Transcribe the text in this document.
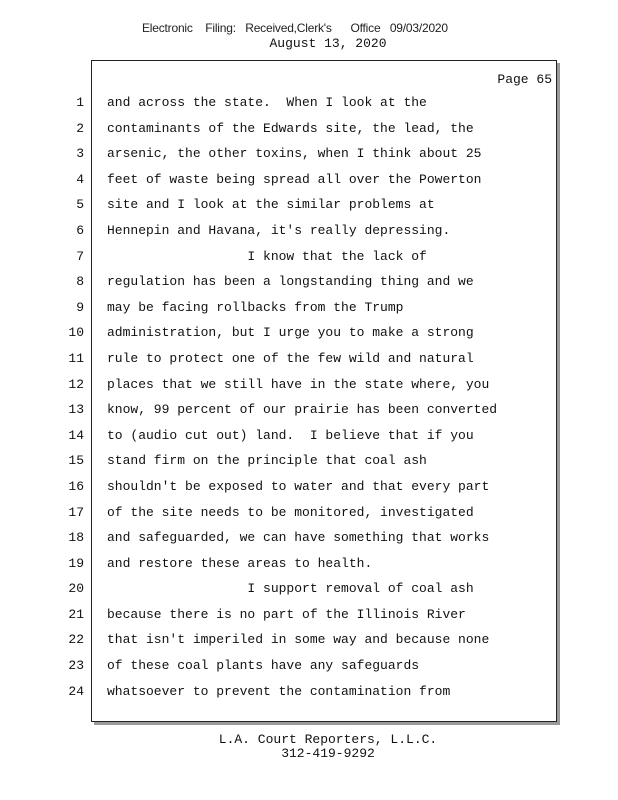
Electronic    Filing:   Received,Clerk's      Office   09/03/2020
August 13, 2020
Page 65
1 and across the state.  When I look at the
2 contaminants of the Edwards site, the lead, the
3 arsenic, the other toxins, when I think about 25
4 feet of waste being spread all over the Powerton
5 site and I look at the similar problems at
6 Hennepin and Havana, it's really depressing.
7 I know that the lack of
8 regulation has been a longstanding thing and we
9 may be facing rollbacks from the Trump
10 administration, but I urge you to make a strong
11 rule to protect one of the few wild and natural
12 places that we still have in the state where, you
13 know, 99 percent of our prairie has been converted
14 to (audio cut out) land.  I believe that if you
15 stand firm on the principle that coal ash
16 shouldn't be exposed to water and that every part
17 of the site needs to be monitored, investigated
18 and safeguarded, we can have something that works
19 and restore these areas to health.
20 I support removal of coal ash
21 because there is no part of the Illinois River
22 that isn't imperiled in some way and because none
23 of these coal plants have any safeguards
24 whatsoever to prevent the contamination from
L.A. Court Reporters, L.L.C.
312-419-9292
